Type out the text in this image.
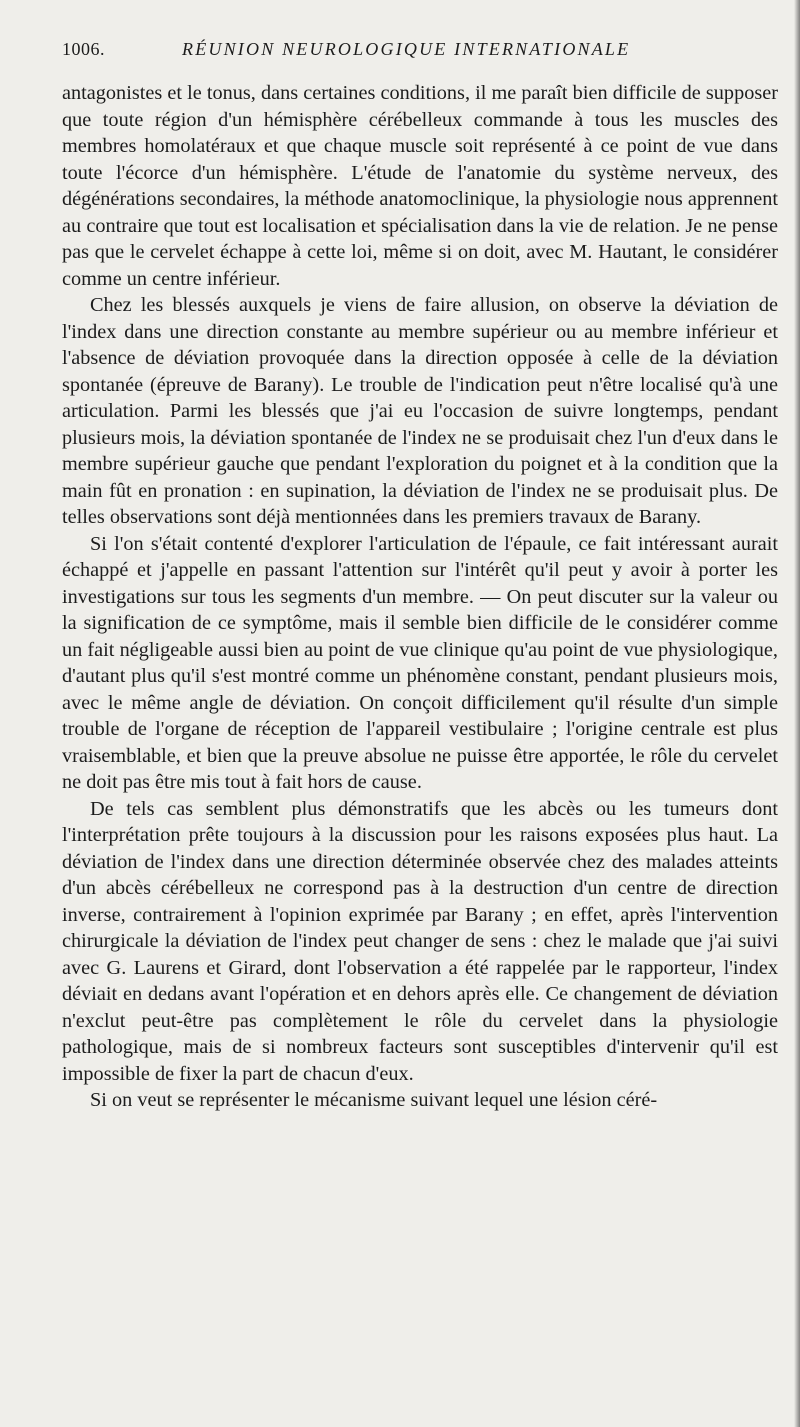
1006.	RÉUNION NEUROLOGIQUE INTERNATIONALE

antagonistes et le tonus, dans certaines conditions, il me paraît bien difficile de supposer que toute région d'un hémisphère cérébelleux commande à tous les muscles des membres homolatéraux et que chaque muscle soit représenté à ce point de vue dans toute l'écorce d'un hémisphère. L'étude de l'anatomie du système nerveux, des dégénérations secondaires, la méthode anatomoclinique, la physiologie nous apprennent au contraire que tout est localisation et spécialisation dans la vie de relation. Je ne pense pas que le cervelet échappe à cette loi, même si on doit, avec M. Hautant, le considérer comme un centre inférieur.

Chez les blessés auxquels je viens de faire allusion, on observe la déviation de l'index dans une direction constante au membre supérieur ou au membre inférieur et l'absence de déviation provoquée dans la direction opposée à celle de la déviation spontanée (épreuve de Barany). Le trouble de l'indication peut n'être localisé qu'à une articulation. Parmi les blessés que j'ai eu l'occasion de suivre longtemps, pendant plusieurs mois, la déviation spontanée de l'index ne se produisait chez l'un d'eux dans le membre supérieur gauche que pendant l'exploration du poignet et à la condition que la main fût en pronation : en supination, la déviation de l'index ne se produisait plus. De telles observations sont déjà mentionnées dans les premiers travaux de Barany.

Si l'on s'était contenté d'explorer l'articulation de l'épaule, ce fait intéressant aurait échappé et j'appelle en passant l'attention sur l'intérêt qu'il peut y avoir à porter les investigations sur tous les segments d'un membre. — On peut discuter sur la valeur ou la signification de ce symptôme, mais il semble bien difficile de le considérer comme un fait négligeable aussi bien au point de vue clinique qu'au point de vue physiologique, d'autant plus qu'il s'est montré comme un phénomène constant, pendant plusieurs mois, avec le même angle de déviation. On conçoit difficilement qu'il résulte d'un simple trouble de l'organe de réception de l'appareil vestibulaire ; l'origine centrale est plus vraisemblable, et bien que la preuve absolue ne puisse être apportée, le rôle du cervelet ne doit pas être mis tout à fait hors de cause.

De tels cas semblent plus démonstratifs que les abcès ou les tumeurs dont l'interprétation prête toujours à la discussion pour les raisons exposées plus haut. La déviation de l'index dans une direction déterminée observée chez des malades atteints d'un abcès cérébelleux ne correspond pas à la destruction d'un centre de direction inverse, contrairement à l'opinion exprimée par Barany ; en effet, après l'intervention chirurgicale la déviation de l'index peut changer de sens : chez le malade que j'ai suivi avec G. Laurens et Girard, dont l'observation a été rappelée par le rapporteur, l'index déviait en dedans avant l'opération et en dehors après elle. Ce changement de déviation n'exclut peut-être pas complètement le rôle du cervelet dans la physiologie pathologique, mais de si nombreux facteurs sont susceptibles d'intervenir qu'il est impossible de fixer la part de chacun d'eux.

Si on veut se représenter le mécanisme suivant lequel une lésion céré-
